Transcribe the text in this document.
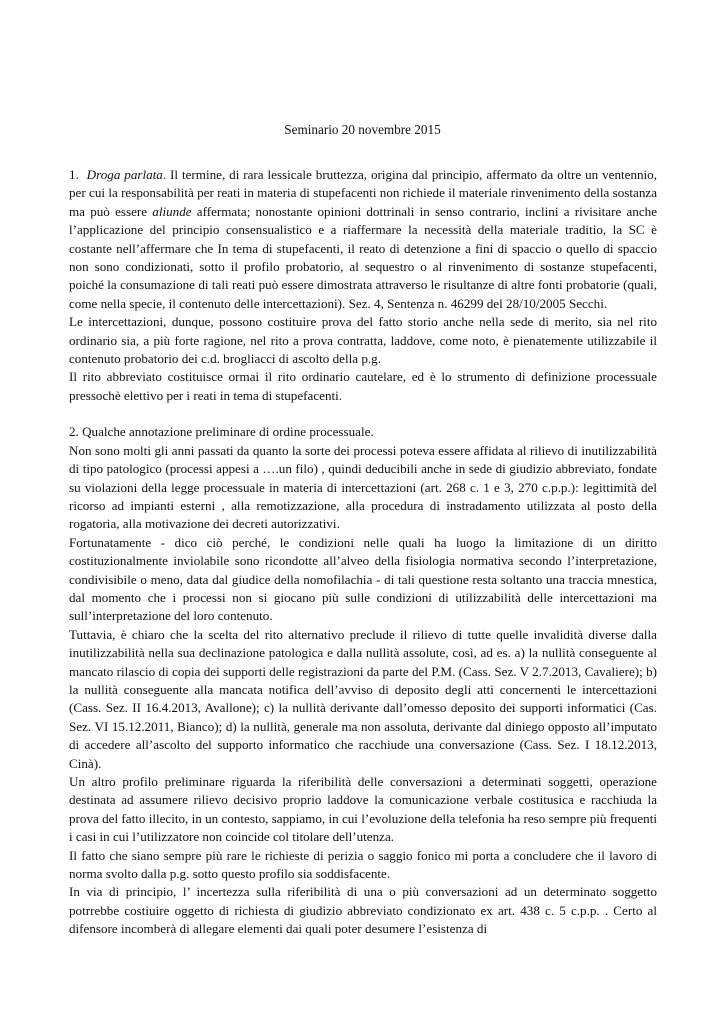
Seminario 20 novembre 2015

1. Droga parlata. Il termine, di rara lessicale bruttezza, origina dal principio, affermato da oltre un ventennio, per cui la responsabilità per reati in materia di stupefacenti non richiede il materiale rinvenimento della sostanza ma può essere aliunde affermata; nonostante opinioni dottrinali in senso contrario, inclini a rivisitare anche l’applicazione del principio consensualistico e a riaffermare la necessità della materiale traditio, la SC è costante nell’affermare che In tema di stupefacenti, il reato di detenzione a fini di spaccio o quello di spaccio non sono condizionati, sotto il profilo probatorio, al sequestro o al rinvenimento di sostanze stupefacenti, poiché la consumazione di tali reati può essere dimostrata attraverso le risultanze di altre fonti probatorie (quali, come nella specie, il contenuto delle intercettazioni). Sez. 4, Sentenza n. 46299 del 28/10/2005 Secchi.

Le intercettazioni, dunque, possono costituire prova del fatto storio anche nella sede di merito, sia nel rito ordinario sia, a più forte ragione, nel rito a prova contratta, laddove, come noto, è pienatemente utilizzabile il contenuto probatorio dei c.d. brogliacci di ascolto della p.g.

Il rito abbreviato costituisce ormai il rito ordinario cautelare, ed è lo strumento di definizione processuale pressochè elettivo per i reati in tema di stupefacenti.

2. Qualche annotazione preliminare di ordine processuale.

Non sono molti gli anni passati da quanto la sorte dei processi poteva essere affidata al rilievo di inutilizzabilità di tipo patologico (processi appesi a ….un filo) , quindi deducibili anche in sede di giudizio abbreviato, fondate su violazioni della legge processuale in materia di intercettazioni (art. 268 c. 1 e 3, 270 c.p.p.): legittimità del ricorso ad impianti esterni , alla remotizzazione, alla procedura di instradamento utilizzata al posto della rogatoria, alla motivazione dei decreti autorizzativi.

Fortunatamente - dico ciò perché, le condizioni nelle quali ha luogo la limitazione di un diritto costituzionalmente inviolabile sono ricondotte all’alveo della fisiologia normativa secondo l’interpretazione, condivisibile o meno, data dal giudice della nomofilachia - di tali questione resta soltanto una traccia mnestica, dal momento che i processi non si giocano più sulle condizioni di utilizzabilità delle intercettazioni ma sull’interpretazione del loro contenuto.

Tuttavia, è chiaro che la scelta del rito alternativo preclude il rilievo di tutte quelle invalidità diverse dalla inutilizzabilità nella sua declinazione patologica e dalla nullità assolute, così, ad es. a) la nullità conseguente al mancato rilascio di copia dei supporti delle registrazioni da parte del P.M. (Cass. Sez. V 2.7.2013, Cavaliere); b) la nullità conseguente alla mancata notifica dell’avviso di deposito degli atti concernenti le intercettazioni (Cass. Sez. II 16.4.2013, Avallone); c) la nullità derivante dall’omesso deposito dei supporti informatici (Cas. Sez. VI 15.12.2011, Bianco); d) la nullità, generale ma non assoluta, derivante dal diniego opposto all’imputato di accedere all’ascolto del supporto informatico che racchiude una conversazione (Cass. Sez. I 18.12.2013, Cinà).

Un altro profilo preliminare riguarda la riferibilità delle conversazioni a determinati soggetti, operazione destinata ad assumere rilievo decisivo proprio laddove la comunicazione verbale costitusica e racchiuda la prova del fatto illecito, in un contesto, sappiamo, in cui l’evoluzione della telefonia ha reso sempre più frequenti i casi in cui l’utilizzatore non coincide col titolare dell’utenza.

Il fatto che siano sempre più rare le richieste di perizia o saggio fonico mi porta a concludere che il lavoro di norma svolto dalla p.g. sotto questo profilo sia soddisfacente.

In via di principio, l’ incertezza sulla riferibilità di una o più conversazioni ad un determinato soggetto potrrebbe costiuire oggetto di richiesta di giudizio abbreviato condizionato ex art. 438 c. 5 c.p.p. . Certo al difensore incomberà di allegare elementi dai quali poter desumere l’esistenza di
